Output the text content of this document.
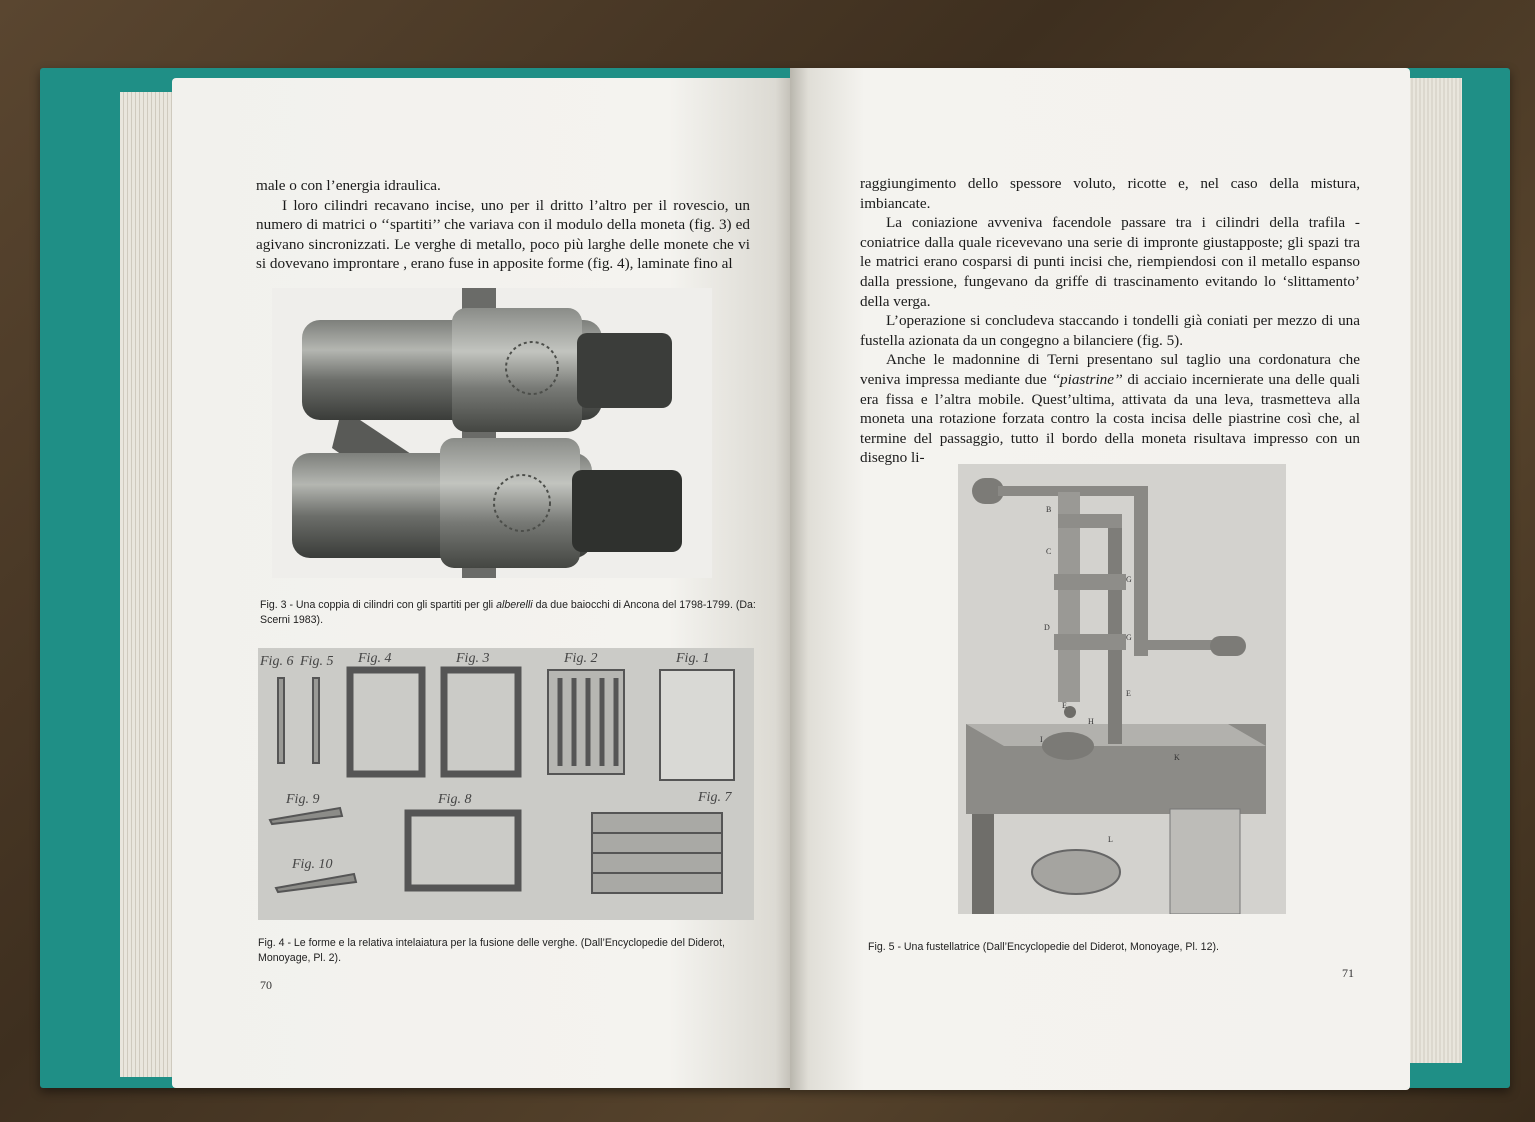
male o con l’energia idraulica.

I loro cilindri recavano incise, uno per il dritto l’altro per il rovescio, un numero di matrici o ‘‘spartiti’’ che variava con il modulo della moneta (fig. 3) ed agivano sincronizzati. Le verghe di metallo, poco più larghe delle monete che vi si dovevano improntare , erano fuse in apposite forme (fig. 4), laminate fino al

Fig. 3 - Una coppia di cilindri con gli spartiti per gli alberelli da due baiocchi di Ancona del 1798-1799. (Da: Scerni 1983).
Fig. 6 Fig. 5 Fig. 4	Fig. 3	Fig. 2	Fig. 1
Fig. 9	Fig. 8	Fig. 7
Fig. 10
Fig. 4 - Le forme e la relativa intelaiatura per la fusione delle verghe. (Dall’Encyclopedie del Diderot, Monoyage, Pl. 2).
70

raggiungimento dello spessore voluto, ricotte e, nel caso della mistura, imbiancate.

La coniazione avveniva facendole passare tra i cilindri della trafila - coniatrice dalla quale ricevevano una serie di impronte giustapposte; gli spazi tra le matrici erano cosparsi di punti incisi che, riempiendosi con il metallo espanso dalla pressione, fungevano da griffe di trascinamento evitando lo ‘slittamento’ della verga.

L’operazione si concludeva staccando i tondelli già coniati per mezzo di una fustella azionata da un congegno a bilanciere (fig. 5).

Anche le madonnine di Terni presentano sul taglio una cordonatura che veniva impressa mediante due ‘‘piastrine’’ di acciaio incernierate una delle quali era fissa e l’altra mobile. Quest’ultima, attivata da una leva, trasmetteva alla moneta una rotazione forzata contro la costa incisa delle piastrine così che, al termine del passaggio, tutto il bordo della moneta risultava impresso con un disegno li-

B
C
G
D
G
E
E
H
I
K
L
Fig. 5 - Una fustellatrice (Dall’Encyclopedie del Diderot, Monoyage, Pl. 12).
71
